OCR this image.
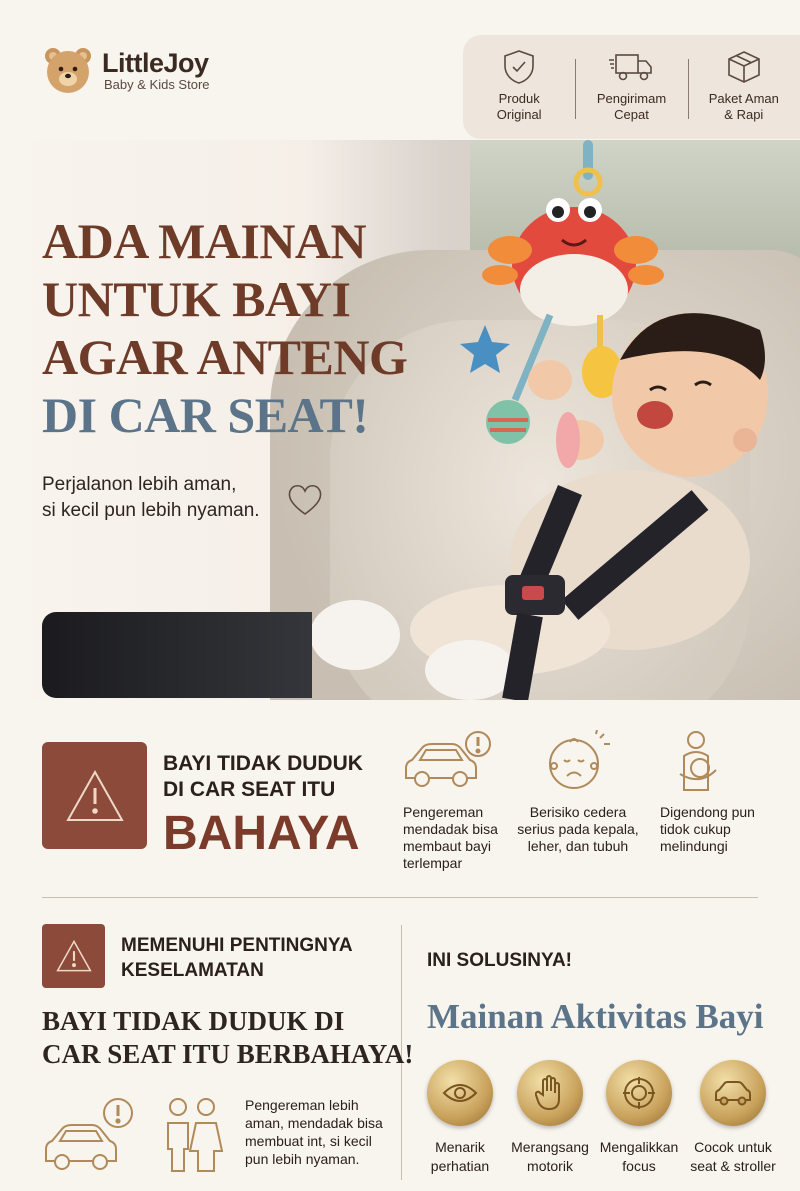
LittleJoy
Baby & Kids Store
Produk
Original
Pengirimam
Cepat
Paket Aman
& Rapi
ADA MAINAN
UNTUK BAYI
AGAR ANTENG
DI CAR SEAT!
Perjalanon lebih aman,
si kecil pun lebih nyaman.
BAYI TIDAK DUDUK
DI CAR SEAT ITU
BAHAYA	Pengereman
mendadak bisa
membaut bayi
terlempar
Berisiko cedera
serius pada kepala,
leher, dan tubuh
Digendong pun
tidok cukup
melindungi
MEMENUHI PENTINGNYA
KESELAMATAN
BAYI TIDAK DUDUK DI
CAR SEAT ITU BERBAHAYA!
Pengereman lebih
aman, mendadak bisa
membuat int, si kecil
pun lebih nyaman.
INI SOLUSINYA!
Mainan Aktivitas Bayi
Menarik
perhatian
Merangsang
motorik
Mengalikkan
focus
Cocok untuk
seat & stroller
